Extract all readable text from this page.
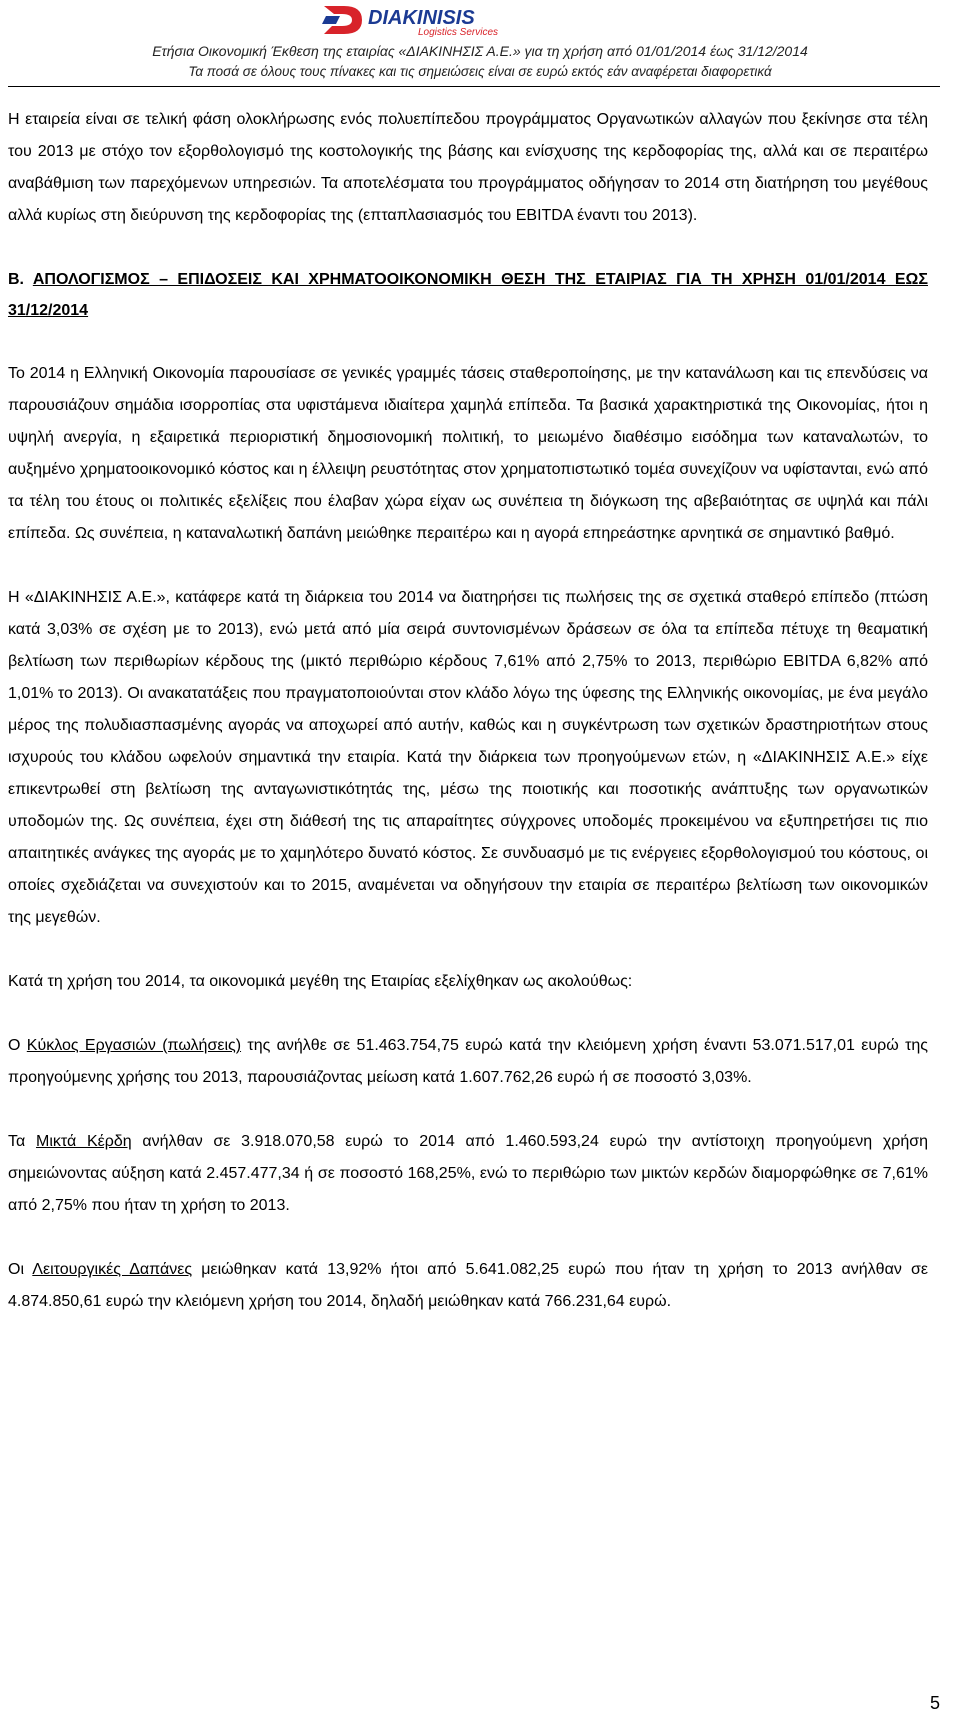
DIAKINISIS
Logistics Services
Ετήσια Οικονομική Έκθεση της εταιρίας «ΔΙΑΚΙΝΗΣΙΣ Α.Ε.» για τη χρήση από 01/01/2014 έως 31/12/2014
Τα ποσά σε όλους τους πίνακες και τις σημειώσεις είναι σε ευρώ εκτός εάν αναφέρεται διαφορετικά

Η εταιρεία είναι σε τελική φάση ολοκλήρωσης ενός πολυεπίπεδου προγράμματος Οργανωτικών αλλαγών που ξεκίνησε στα τέλη του 2013 με στόχο τον εξορθολογισμό της κοστολογικής της βάσης και ενίσχυσης της κερδοφορίας της, αλλά και σε περαιτέρω αναβάθμιση των παρεχόμενων υπηρεσιών. Τα αποτελέσματα του προγράμματος οδήγησαν το 2014 στη διατήρηση του μεγέθους αλλά κυρίως στη διεύρυνση της κερδοφορίας της (επταπλασιασμός του EBITDA έναντι του 2013).

Β. ΑΠΟΛΟΓΙΣΜΟΣ – ΕΠΙΔΟΣΕΙΣ ΚΑΙ ΧΡΗΜΑΤΟΟΙΚΟΝΟΜΙΚΗ ΘΕΣΗ ΤΗΣ ΕΤΑΙΡΙΑΣ ΓΙΑ ΤΗ ΧΡΗΣΗ 01/01/2014 ΕΩΣ 31/12/2014

Το 2014 η Ελληνική Οικονομία παρουσίασε σε γενικές γραμμές τάσεις σταθεροποίησης, με την κατανάλωση και τις επενδύσεις να παρουσιάζουν σημάδια ισορροπίας στα υφιστάμενα ιδιαίτερα χαμηλά επίπεδα. Τα βασικά χαρακτηριστικά της Οικονομίας, ήτοι η υψηλή ανεργία, η εξαιρετικά περιοριστική δημοσιονομική πολιτική, το μειωμένο διαθέσιμο εισόδημα των καταναλωτών, το αυξημένο χρηματοοικονομικό κόστος και η έλλειψη ρευστότητας στον χρηματοπιστωτικό τομέα συνεχίζουν να υφίστανται, ενώ από τα τέλη του έτους οι πολιτικές εξελίξεις που έλαβαν χώρα είχαν ως συνέπεια τη διόγκωση της αβεβαιότητας σε υψηλά και πάλι επίπεδα. Ως συνέπεια, η καταναλωτική δαπάνη μειώθηκε περαιτέρω και η αγορά επηρεάστηκε αρνητικά σε σημαντικό βαθμό.

Η «ΔΙΑΚΙΝΗΣΙΣ Α.Ε.», κατάφερε κατά τη διάρκεια του 2014 να διατηρήσει τις πωλήσεις της σε σχετικά σταθερό επίπεδο (πτώση κατά 3,03% σε σχέση με το 2013), ενώ μετά από μία σειρά συντονισμένων δράσεων σε όλα τα επίπεδα πέτυχε τη θεαματική βελτίωση των περιθωρίων κέρδους της (μικτό περιθώριο κέρδους 7,61% από 2,75% το 2013, περιθώριο EBITDA 6,82% από 1,01% το 2013). Οι ανακατατάξεις που πραγματοποιούνται στον κλάδο λόγω της ύφεσης της Ελληνικής οικονομίας, με ένα μεγάλο μέρος της πολυδιασπασμένης αγοράς να αποχωρεί από αυτήν, καθώς και η συγκέντρωση των σχετικών δραστηριοτήτων στους ισχυρούς του κλάδου ωφελούν σημαντικά την εταιρία. Κατά την διάρκεια των προηγούμενων ετών, η «ΔΙΑΚΙΝΗΣΙΣ Α.Ε.» είχε επικεντρωθεί στη βελτίωση της ανταγωνιστικότητάς της, μέσω της ποιοτικής και ποσοτικής ανάπτυξης των οργανωτικών υποδομών της. Ως συνέπεια, έχει στη διάθεσή της τις απαραίτητες σύγχρονες υποδομές προκειμένου να εξυπηρετήσει τις πιο απαιτητικές ανάγκες της αγοράς με το χαμηλότερο δυνατό κόστος. Σε συνδυασμό με τις ενέργειες εξορθολογισμού του κόστους, οι οποίες σχεδιάζεται να συνεχιστούν και το 2015, αναμένεται να οδηγήσουν την εταιρία σε περαιτέρω βελτίωση των οικονομικών της μεγεθών.

Κατά τη χρήση του 2014, τα οικονομικά μεγέθη της Εταιρίας εξελίχθηκαν ως ακολούθως:

Ο Κύκλος Εργασιών (πωλήσεις) της ανήλθε σε 51.463.754,75 ευρώ κατά την κλειόμενη χρήση έναντι 53.071.517,01 ευρώ της προηγούμενης χρήσης του 2013, παρουσιάζοντας μείωση κατά 1.607.762,26 ευρώ ή σε ποσοστό 3,03%.

Τα Μικτά Κέρδη ανήλθαν σε 3.918.070,58 ευρώ το 2014 από 1.460.593,24 ευρώ την αντίστοιχη προηγούμενη χρήση σημειώνοντας αύξηση κατά 2.457.477,34 ή σε ποσοστό 168,25%, ενώ το περιθώριο των μικτών κερδών διαμορφώθηκε σε 7,61% από 2,75% που ήταν τη χρήση το 2013.

Οι Λειτουργικές Δαπάνες μειώθηκαν κατά 13,92% ήτοι από 5.641.082,25 ευρώ που ήταν τη χρήση το 2013 ανήλθαν σε 4.874.850,61 ευρώ την κλειόμενη χρήση του 2014, δηλαδή μειώθηκαν κατά 766.231,64 ευρώ.

5
